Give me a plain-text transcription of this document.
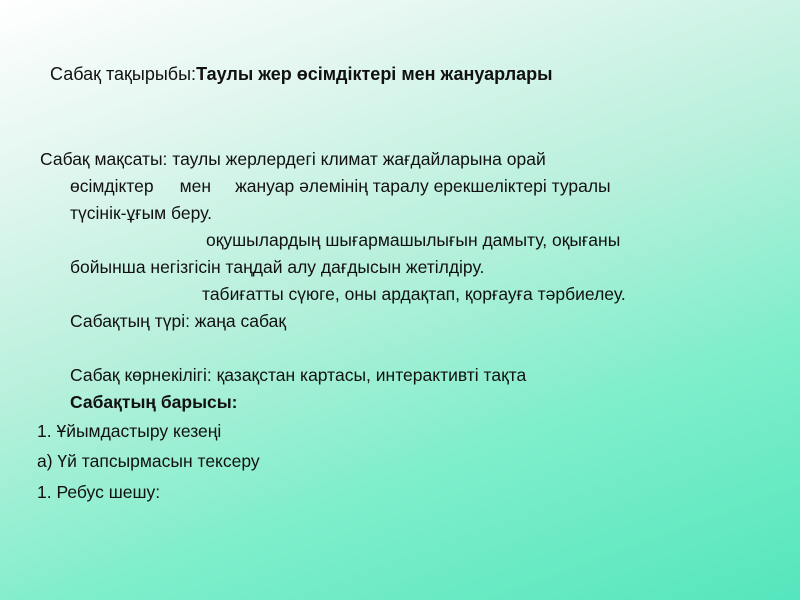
Сабақ тақырыбы:Таулы жер өсімдіктері мен жануарлары

Сабақ мақсаты: таулы жерлердегі климат жағдайларына орай

өсімдіктер мен жануар әлемінің таралу ерекшеліктері туралы

түсінік-ұғым беру.

оқушылардың шығармашылығын дамыту, оқығаны

бойынша негізгісін таңдай алу дағдысын жетілдіру.

табиғатты сүюге, оны ардақтап, қорғауға тәрбиелеу.

Сабақтың түрі: жаңа сабақ

Сабақ көрнекілігі: қазақстан картасы, интерактивті тақта

Сабақтың барысы:

1. Ұйымдастыру кезеңі

а) Үй тапсырмасын тексеру

1. Ребус шешу:
